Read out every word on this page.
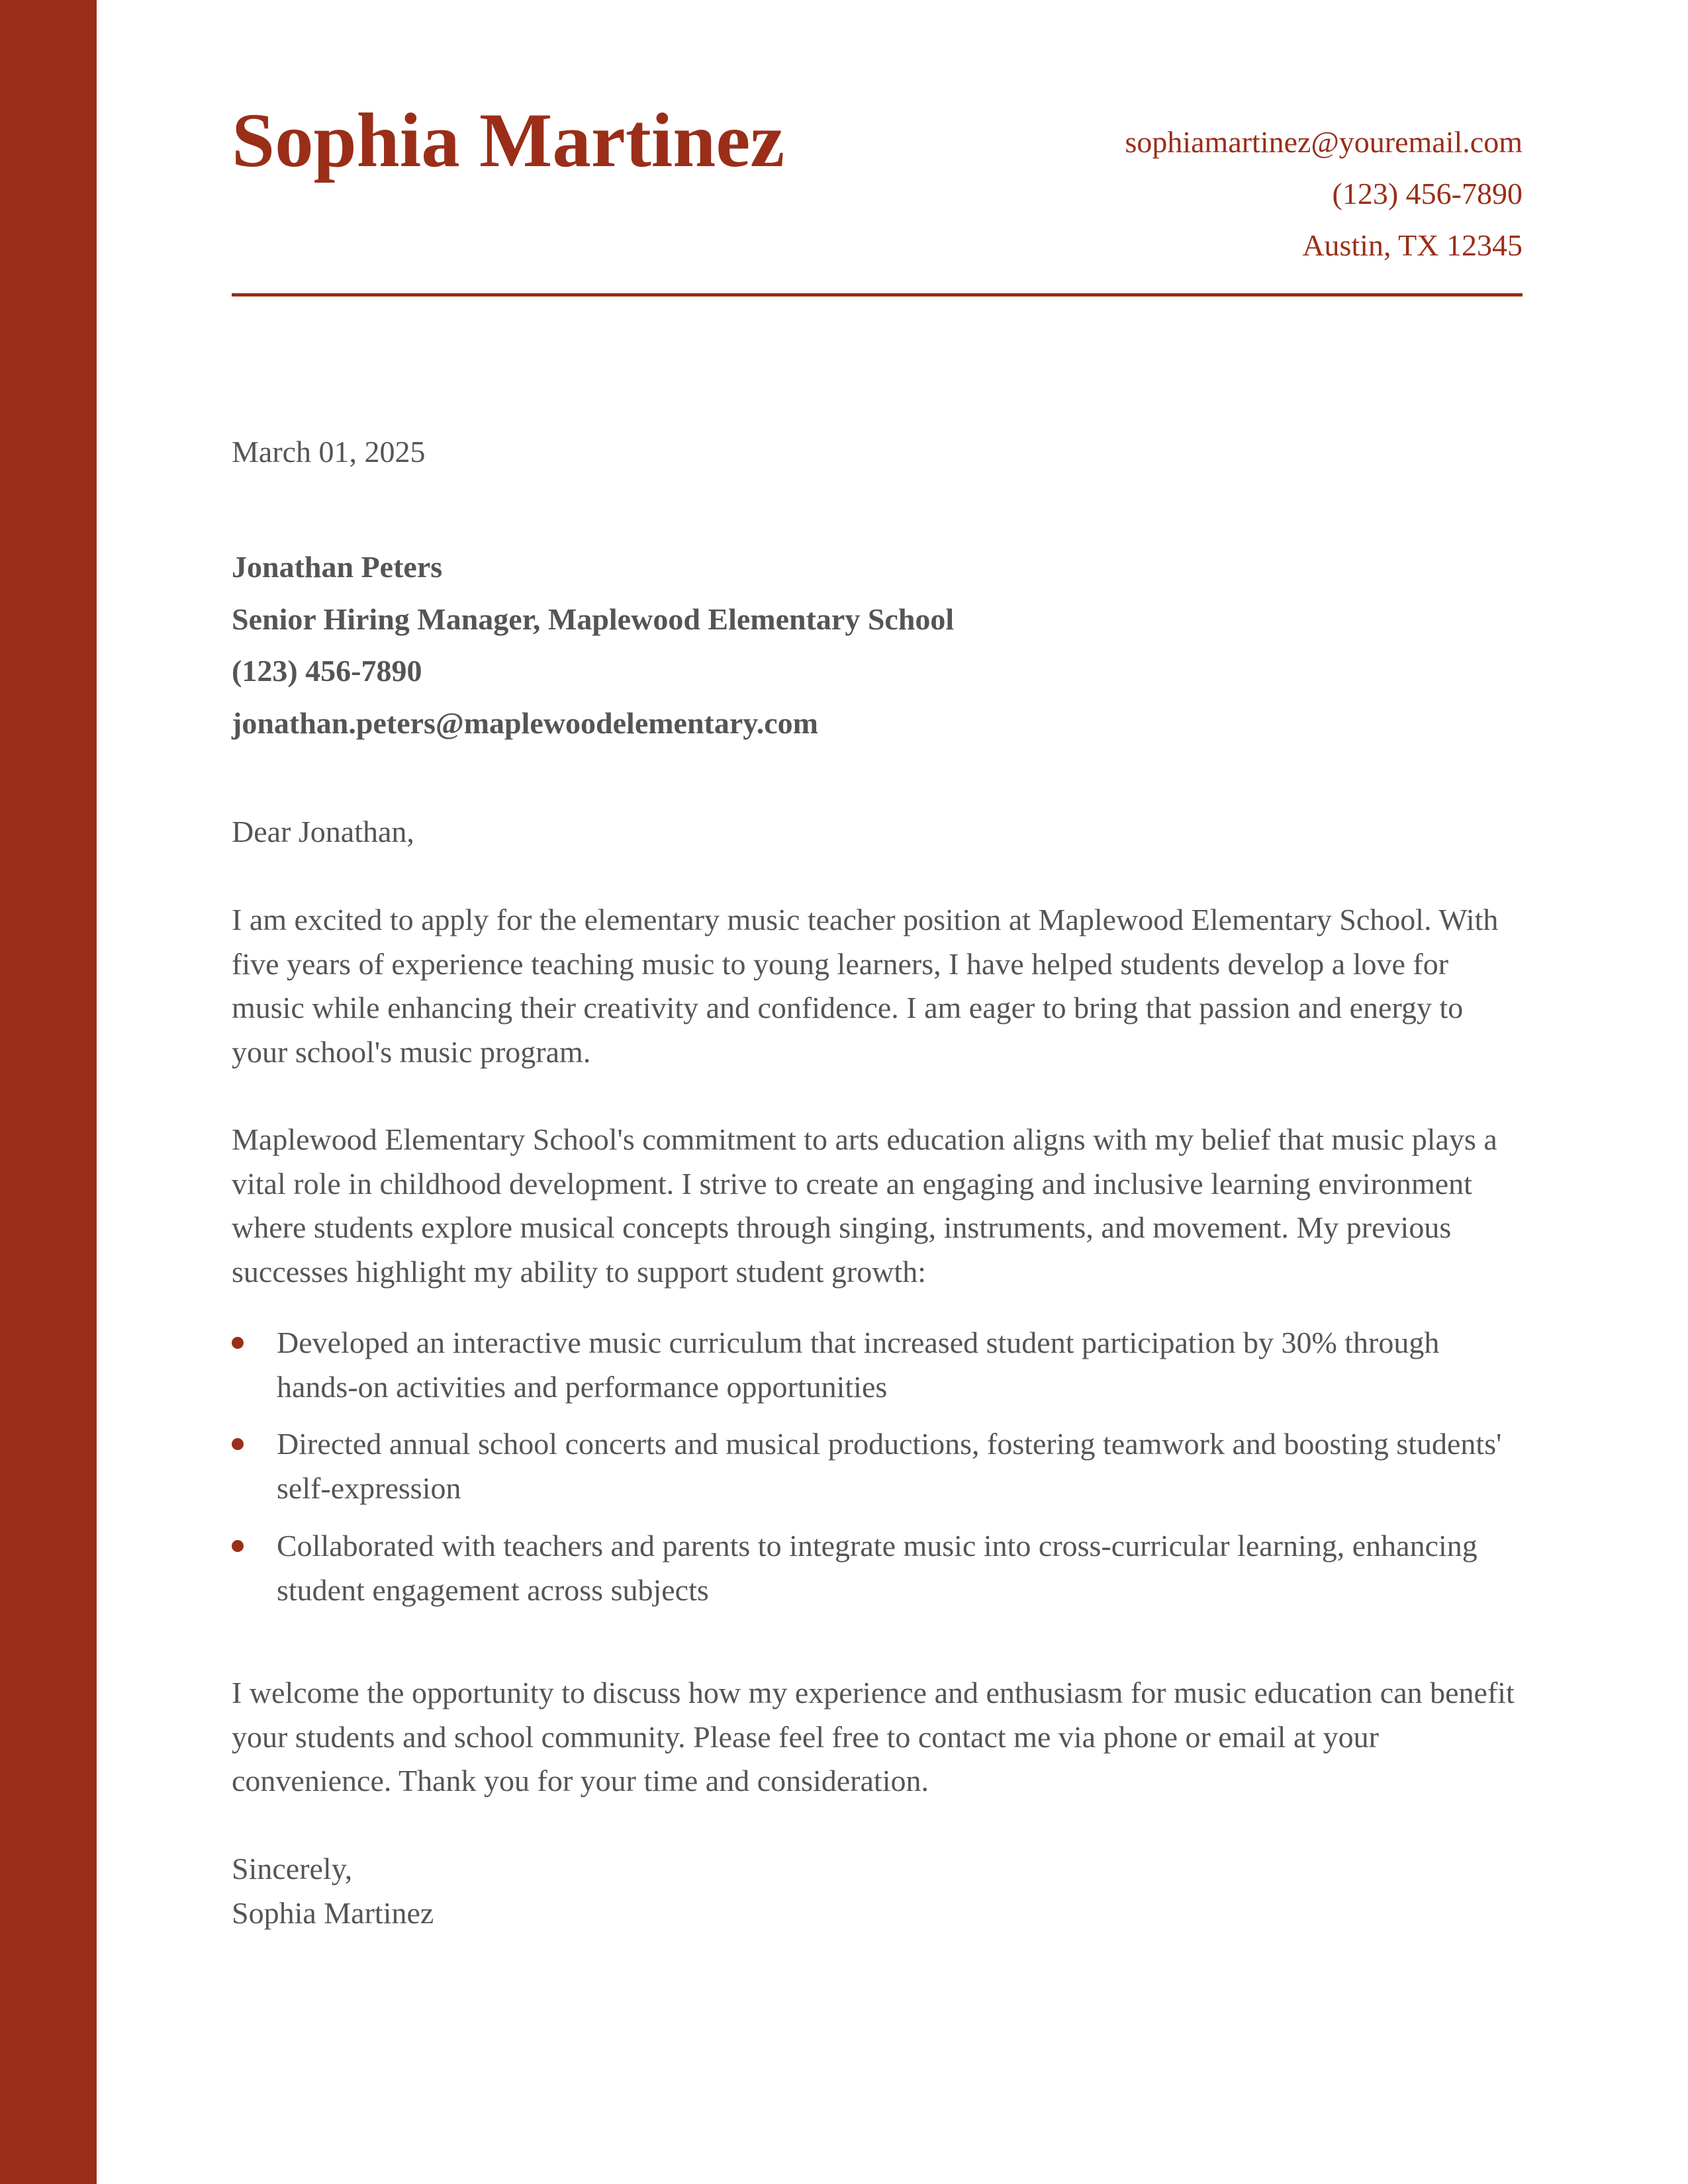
Sophia Martinez	sophiamartinez@youremail.com
(123) 456-7890
Austin, TX 12345
March 01, 2025
Jonathan Peters
Senior Hiring Manager, Maplewood Elementary School
(123) 456-7890
jonathan.peters@maplewoodelementary.com
Dear Jonathan,

I am excited to apply for the elementary music teacher position at Maplewood Elementary School. With five years of experience teaching music to young learners, I have helped students develop a love for music while enhancing their creativity and confidence. I am eager to bring that passion and energy to your school's music program.

Maplewood Elementary School's commitment to arts education aligns with my belief that music plays a vital role in childhood development. I strive to create an engaging and inclusive learning environment where students explore musical concepts through singing, instruments, and movement. My previous successes highlight my ability to support student growth:

Developed an interactive music curriculum that increased student participation by 30% through hands-on activities and performance opportunities
Directed annual school concerts and musical productions, fostering teamwork and boosting students' self-expression
Collaborated with teachers and parents to integrate music into cross-curricular learning, enhancing student engagement across subjects

I welcome the opportunity to discuss how my experience and enthusiasm for music education can benefit your students and school community. Please feel free to contact me via phone or email at your convenience. Thank you for your time and consideration.

Sincerely,
Sophia Martinez
